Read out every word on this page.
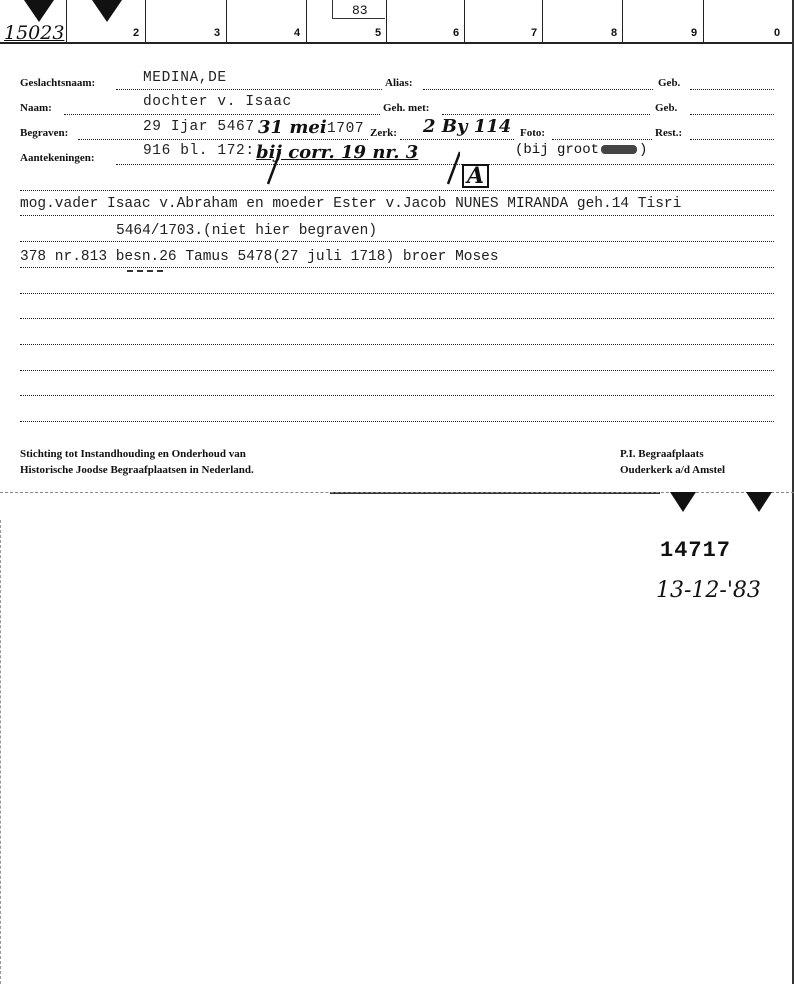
83
15023	2	3	4	5	6	7	8	9	0
Geslachtsnaam:	MEDINA,DE	Alias:	Geb.
Naam:	dochter v. Isaac	Geh. met:	Geb.
Begraven:	29 Ijar 5467 31 mei 1707 Zerk: 2 By 114 Foto:	Rest.:
Aantekeningen:	916 bl. 172: bij corr. 19 nr. 3	(bij groot	)
A
mog.vader Isaac v.Abraham en moeder Ester v.Jacob NUNES MIRANDA geh.14 Tisri
5464/1703.(niet hier begraven)
378 nr.813 besn.26 Tamus 5478(27 juli 1718) broer Moses
Stichting tot Instandhouding en Onderhoud van
Historische Joodse Begraafplaatsen in Nederland.
P.I. Begraafplaats
Ouderkerk a/d Amstel
14717
13-12-'83
